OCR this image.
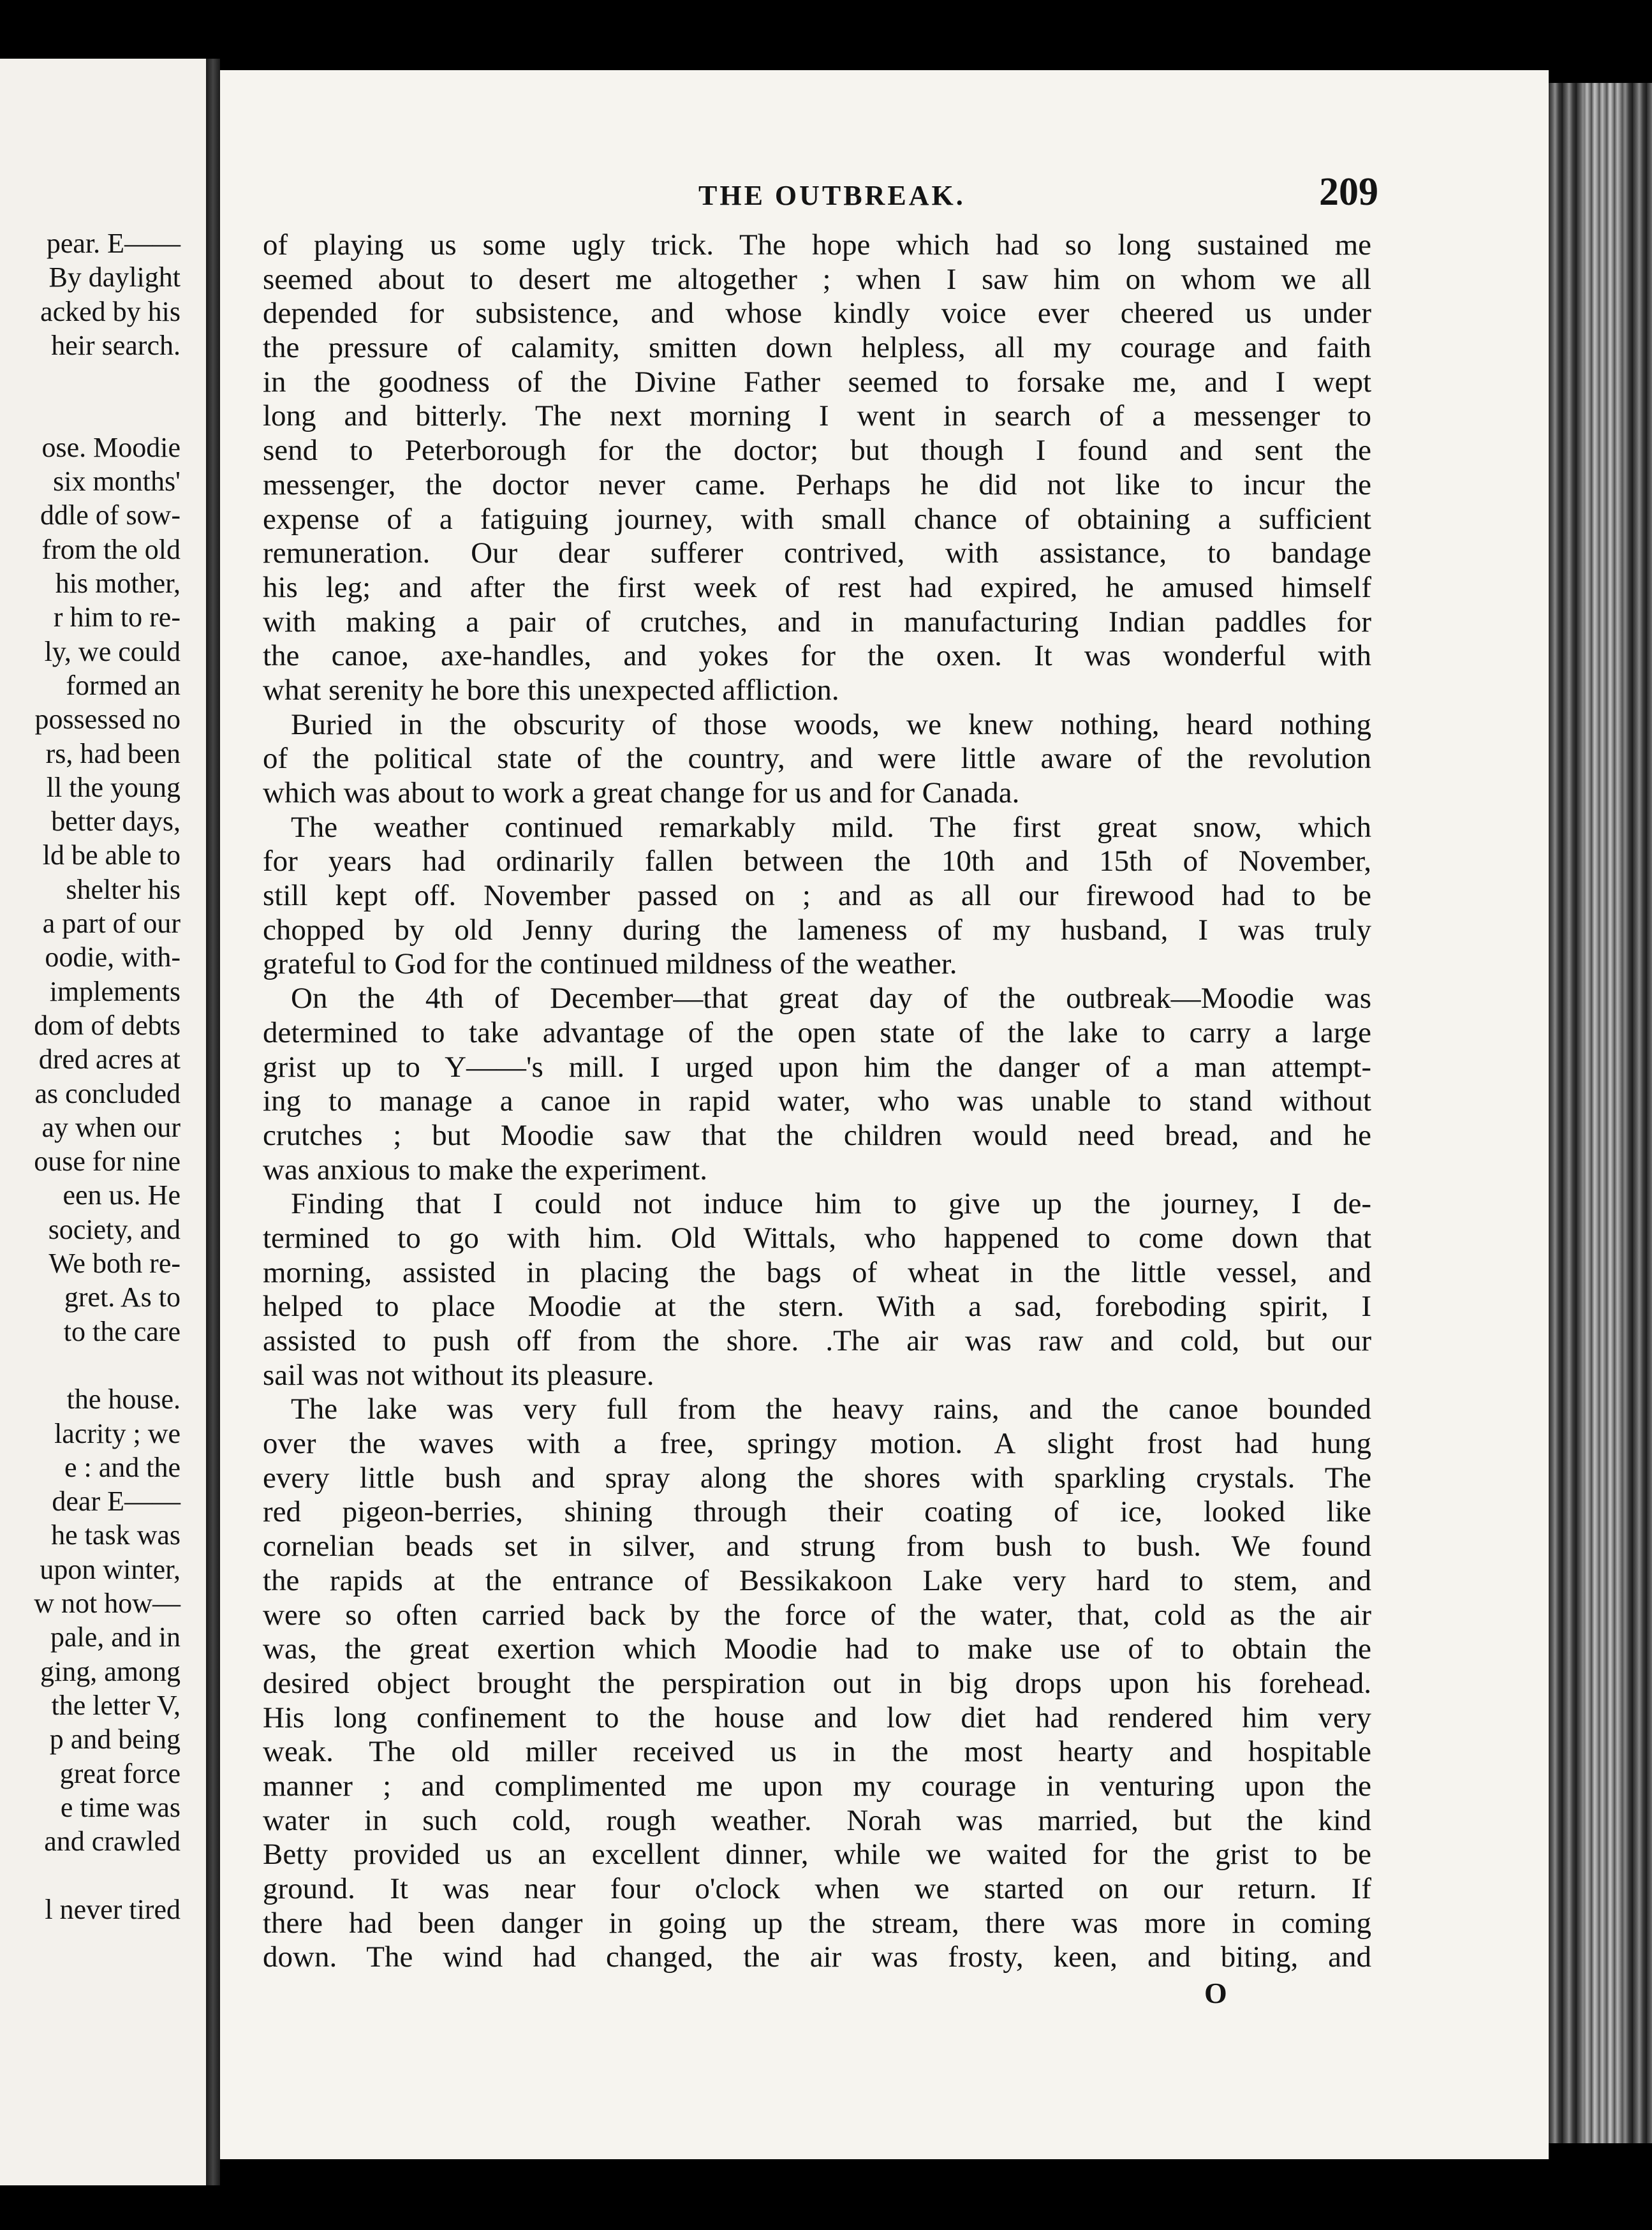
pear. E——
By daylight
acked by his
heir search.
ose. Moodie
six months'
ddle of sow-
from the old
his mother,
r him to re-
ly, we could
formed an
possessed no
rs, had been
ll the young
better days,
ld be able to
shelter his
a part of our
oodie, with-
implements
dom of debts
dred acres at
as concluded
ay when our
ouse for nine
een us. He
society, and
We both re-
gret. As to
to the care
the house.
lacrity ; we
e : and the
dear E——
he task was
upon winter,
w not how—
pale, and in
ging, among
the letter V,
p and being
great force
e time was
and crawled
l never tired
THE OUTBREAK.	209
of playing us some ugly trick. The hope which had so long sustained me
seemed about to desert me altogether ; when I saw him on whom we all
depended for subsistence, and whose kindly voice ever cheered us under
the pressure of calamity, smitten down helpless, all my courage and faith
in the goodness of the Divine Father seemed to forsake me, and I wept
long and bitterly. The next morning I went in search of a messenger to
send to Peterborough for the doctor; but though I found and sent the
messenger, the doctor never came. Perhaps he did not like to incur the
expense of a fatiguing journey, with small chance of obtaining a sufficient
remuneration. Our dear sufferer contrived, with assistance, to bandage
his leg; and after the first week of rest had expired, he amused himself
with making a pair of crutches, and in manufacturing Indian paddles for
the canoe, axe-handles, and yokes for the oxen. It was wonderful with
what serenity he bore this unexpected affliction.
Buried in the obscurity of those woods, we knew nothing, heard nothing
of the political state of the country, and were little aware of the revolution
which was about to work a great change for us and for Canada.
The weather continued remarkably mild. The first great snow, which
for years had ordinarily fallen between the 10th and 15th of November,
still kept off. November passed on ; and as all our firewood had to be
chopped by old Jenny during the lameness of my husband, I was truly
grateful to God for the continued mildness of the weather.
On the 4th of December—that great day of the outbreak—Moodie was
determined to take advantage of the open state of the lake to carry a large
grist up to Y——'s mill. I urged upon him the danger of a man attempt-
ing to manage a canoe in rapid water, who was unable to stand without
crutches ; but Moodie saw that the children would need bread, and he
was anxious to make the experiment.
Finding that I could not induce him to give up the journey, I de-
termined to go with him. Old Wittals, who happened to come down that
morning, assisted in placing the bags of wheat in the little vessel, and
helped to place Moodie at the stern. With a sad, foreboding spirit, I
assisted to push off from the shore. .The air was raw and cold, but our
sail was not without its pleasure.
The lake was very full from the heavy rains, and the canoe bounded
over the waves with a free, springy motion. A slight frost had hung
every little bush and spray along the shores with sparkling crystals. The
red pigeon-berries, shining through their coating of ice, looked like
cornelian beads set in silver, and strung from bush to bush. We found
the rapids at the entrance of Bessikakoon Lake very hard to stem, and
were so often carried back by the force of the water, that, cold as the air
was, the great exertion which Moodie had to make use of to obtain the
desired object brought the perspiration out in big drops upon his forehead.
His long confinement to the house and low diet had rendered him very
weak. The old miller received us in the most hearty and hospitable
manner ; and complimented me upon my courage in venturing upon the
water in such cold, rough weather. Norah was married, but the kind
Betty provided us an excellent dinner, while we waited for the grist to be
ground. It was near four o'clock when we started on our return. If
there had been danger in going up the stream, there was more in coming
down. The wind had changed, the air was frosty, keen, and biting, and
O
